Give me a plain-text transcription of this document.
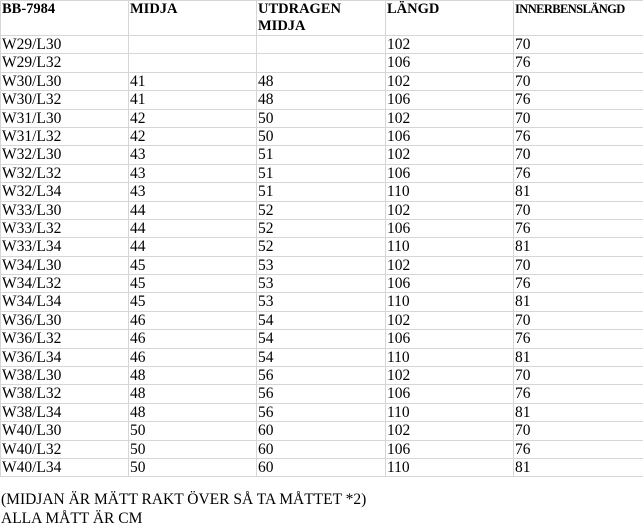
BB-7984	MIDJA	UTDRAGEN MIDJA	LÄNGD	INNERBENSLÄNGD
W29/L30			102	70
W29/L32			106	76
W30/L30	41	48	102	70
W30/L32	41	48	106	76
W31/L30	42	50	102	70
W31/L32	42	50	106	76
W32/L30	43	51	102	70
W32/L32	43	51	106	76
W32/L34	43	51	110	81
W33/L30	44	52	102	70
W33/L32	44	52	106	76
W33/L34	44	52	110	81
W34/L30	45	53	102	70
W34/L32	45	53	106	76
W34/L34	45	53	110	81
W36/L30	46	54	102	70
W36/L32	46	54	106	76
W36/L34	46	54	110	81
W38/L30	48	56	102	70
W38/L32	48	56	106	76
W38/L34	48	56	110	81
W40/L30	50	60	102	70
W40/L32	50	60	106	76
W40/L34	50	60	110	81
(MIDJAN ÄR MÄTT RAKT ÖVER SÅ TA MÅTTET *2)
ALLA MÅTT ÄR CM
